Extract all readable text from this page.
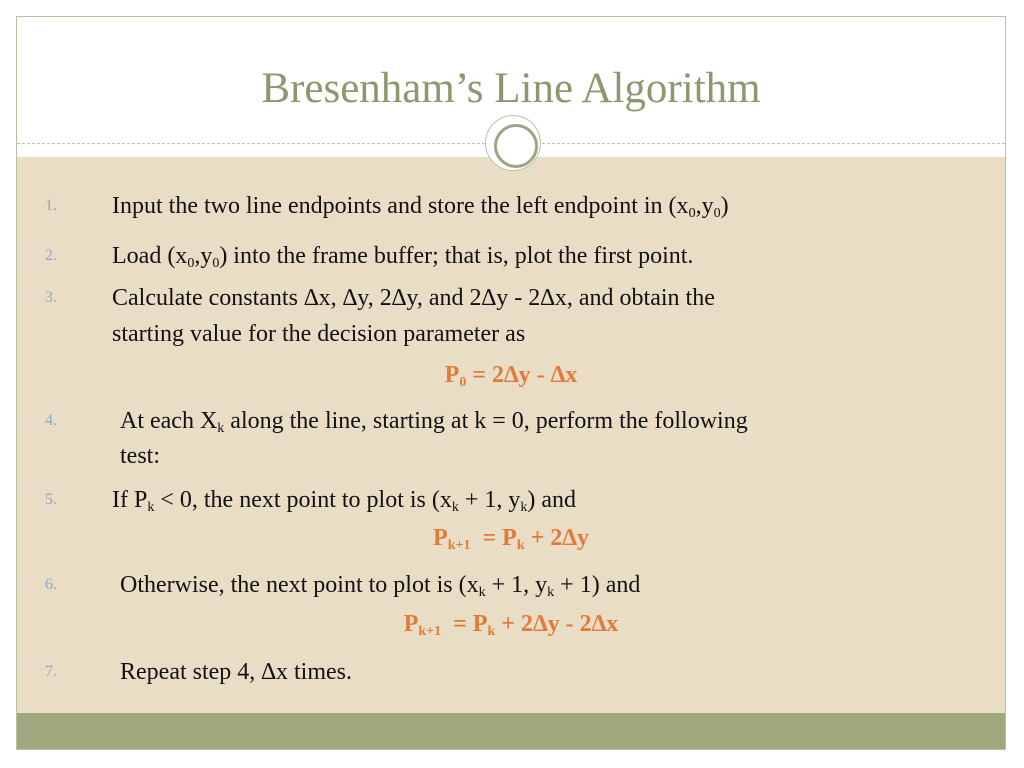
Bresenham’s Line Algorithm
1.	Input the two line endpoints and store the left endpoint in $(x_0,y_0)$
2.	Load $(x_0,y_0)$ into the frame buffer; that is, plot the first point.
3.	Calculate constants ∆x, ∆y, 2∆y, and 2∆y - 2∆x, and obtain the
starting value for the decision parameter as
$P_0 = 2\Delta y - \Delta x$
4.	At each $X_k$ along the line, starting at k = 0, perform the following
test:
5.	If $P_k < 0$, the next point to plot is ($x_k + 1$, $y_k$) and
$P_{k+1} = P_k + 2\Delta y$
6.	Otherwise, the next point to plot is ($x_k + 1$, $y_k + 1$) and
$P_{k+1} = P_k + 2\Delta y - 2\Delta x$
7.	Repeat step 4, ∆x times.
